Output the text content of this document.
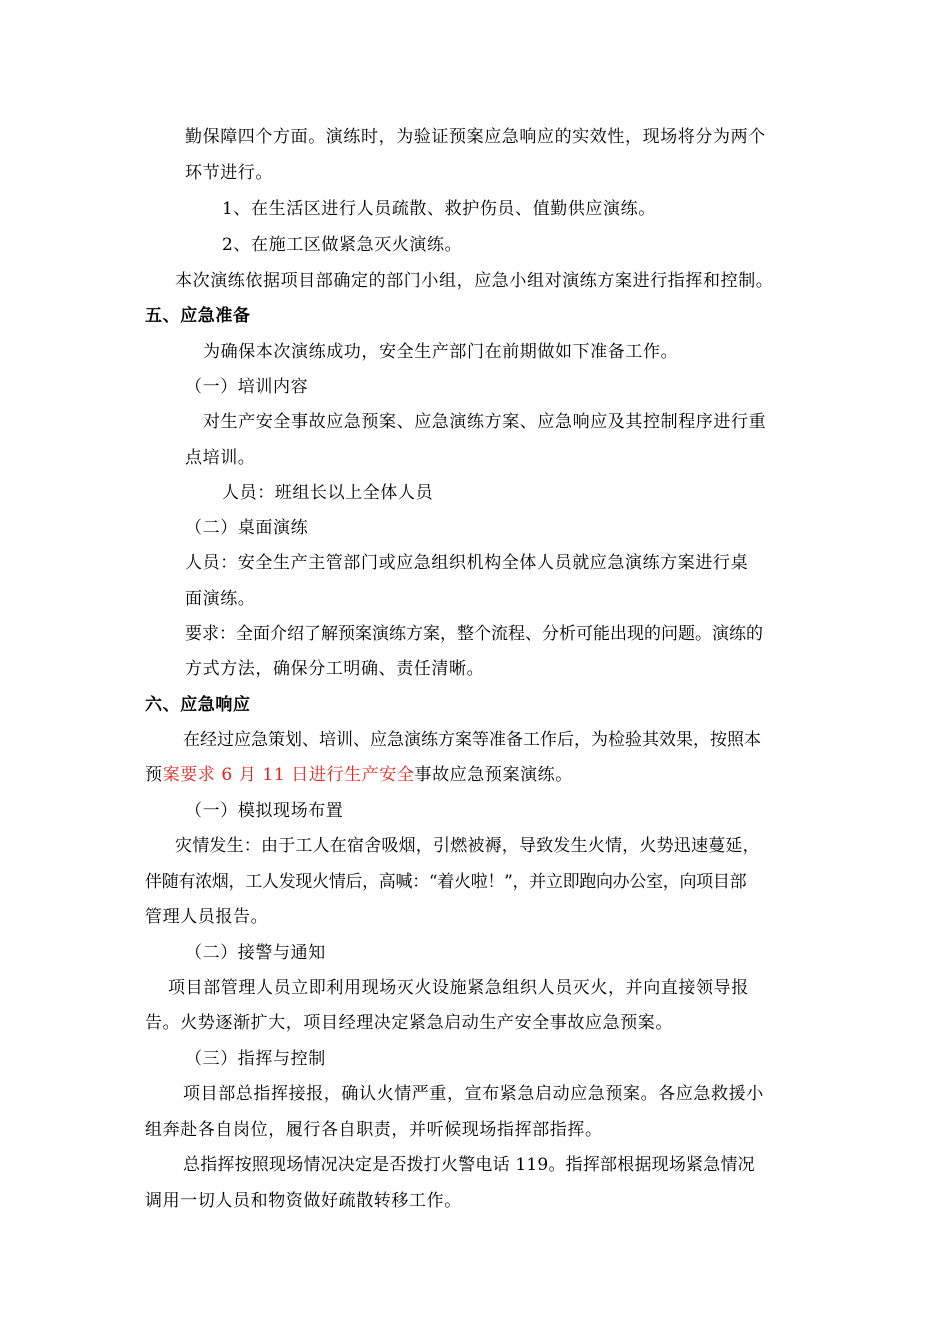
勤保障四个方面。演练时，为验证预案应急响应的实效性，现场将分为两个
环节进行。
1、在生活区进行人员疏散、救护伤员、值勤供应演练。
2、在施工区做紧急灭火演练。
本次演练依据项目部确定的部门小组，应急小组对演练方案进行指挥和控制。
五、应急准备
为确保本次演练成功，安全生产部门在前期做如下准备工作。
（一）培训内容
对生产安全事故应急预案、应急演练方案、应急响应及其控制程序进行重
点培训。
人员：班组长以上全体人员
（二）桌面演练
人员：安全生产主管部门或应急组织机构全体人员就应急演练方案进行桌
面演练。
要求：全面介绍了解预案演练方案，整个流程、分析可能出现的问题。演练的
方式方法，确保分工明确、责任清晰。
六、应急响应
在经过应急策划、培训、应急演练方案等准备工作后，为检验其效果，按照本
预案要求 6 月 11 日进行生产安全事故应急预案演练。
（一）模拟现场布置
灾情发生：由于工人在宿舍吸烟，引燃被褥，导致发生火情，火势迅速蔓延，
伴随有浓烟，工人发现火情后，高喊：“着火啦！”，并立即跑向办公室，向项目部
管理人员报告。
（二）接警与通知
项目部管理人员立即利用现场灭火设施紧急组织人员灭火，并向直接领导报
告。火势逐渐扩大，项目经理决定紧急启动生产安全事故应急预案。
（三）指挥与控制
项目部总指挥接报，确认火情严重，宣布紧急启动应急预案。各应急救援小
组奔赴各自岗位，履行各自职责，并听候现场指挥部指挥。
总指挥按照现场情况决定是否拨打火警电话 119。指挥部根据现场紧急情况
调用一切人员和物资做好疏散转移工作。
